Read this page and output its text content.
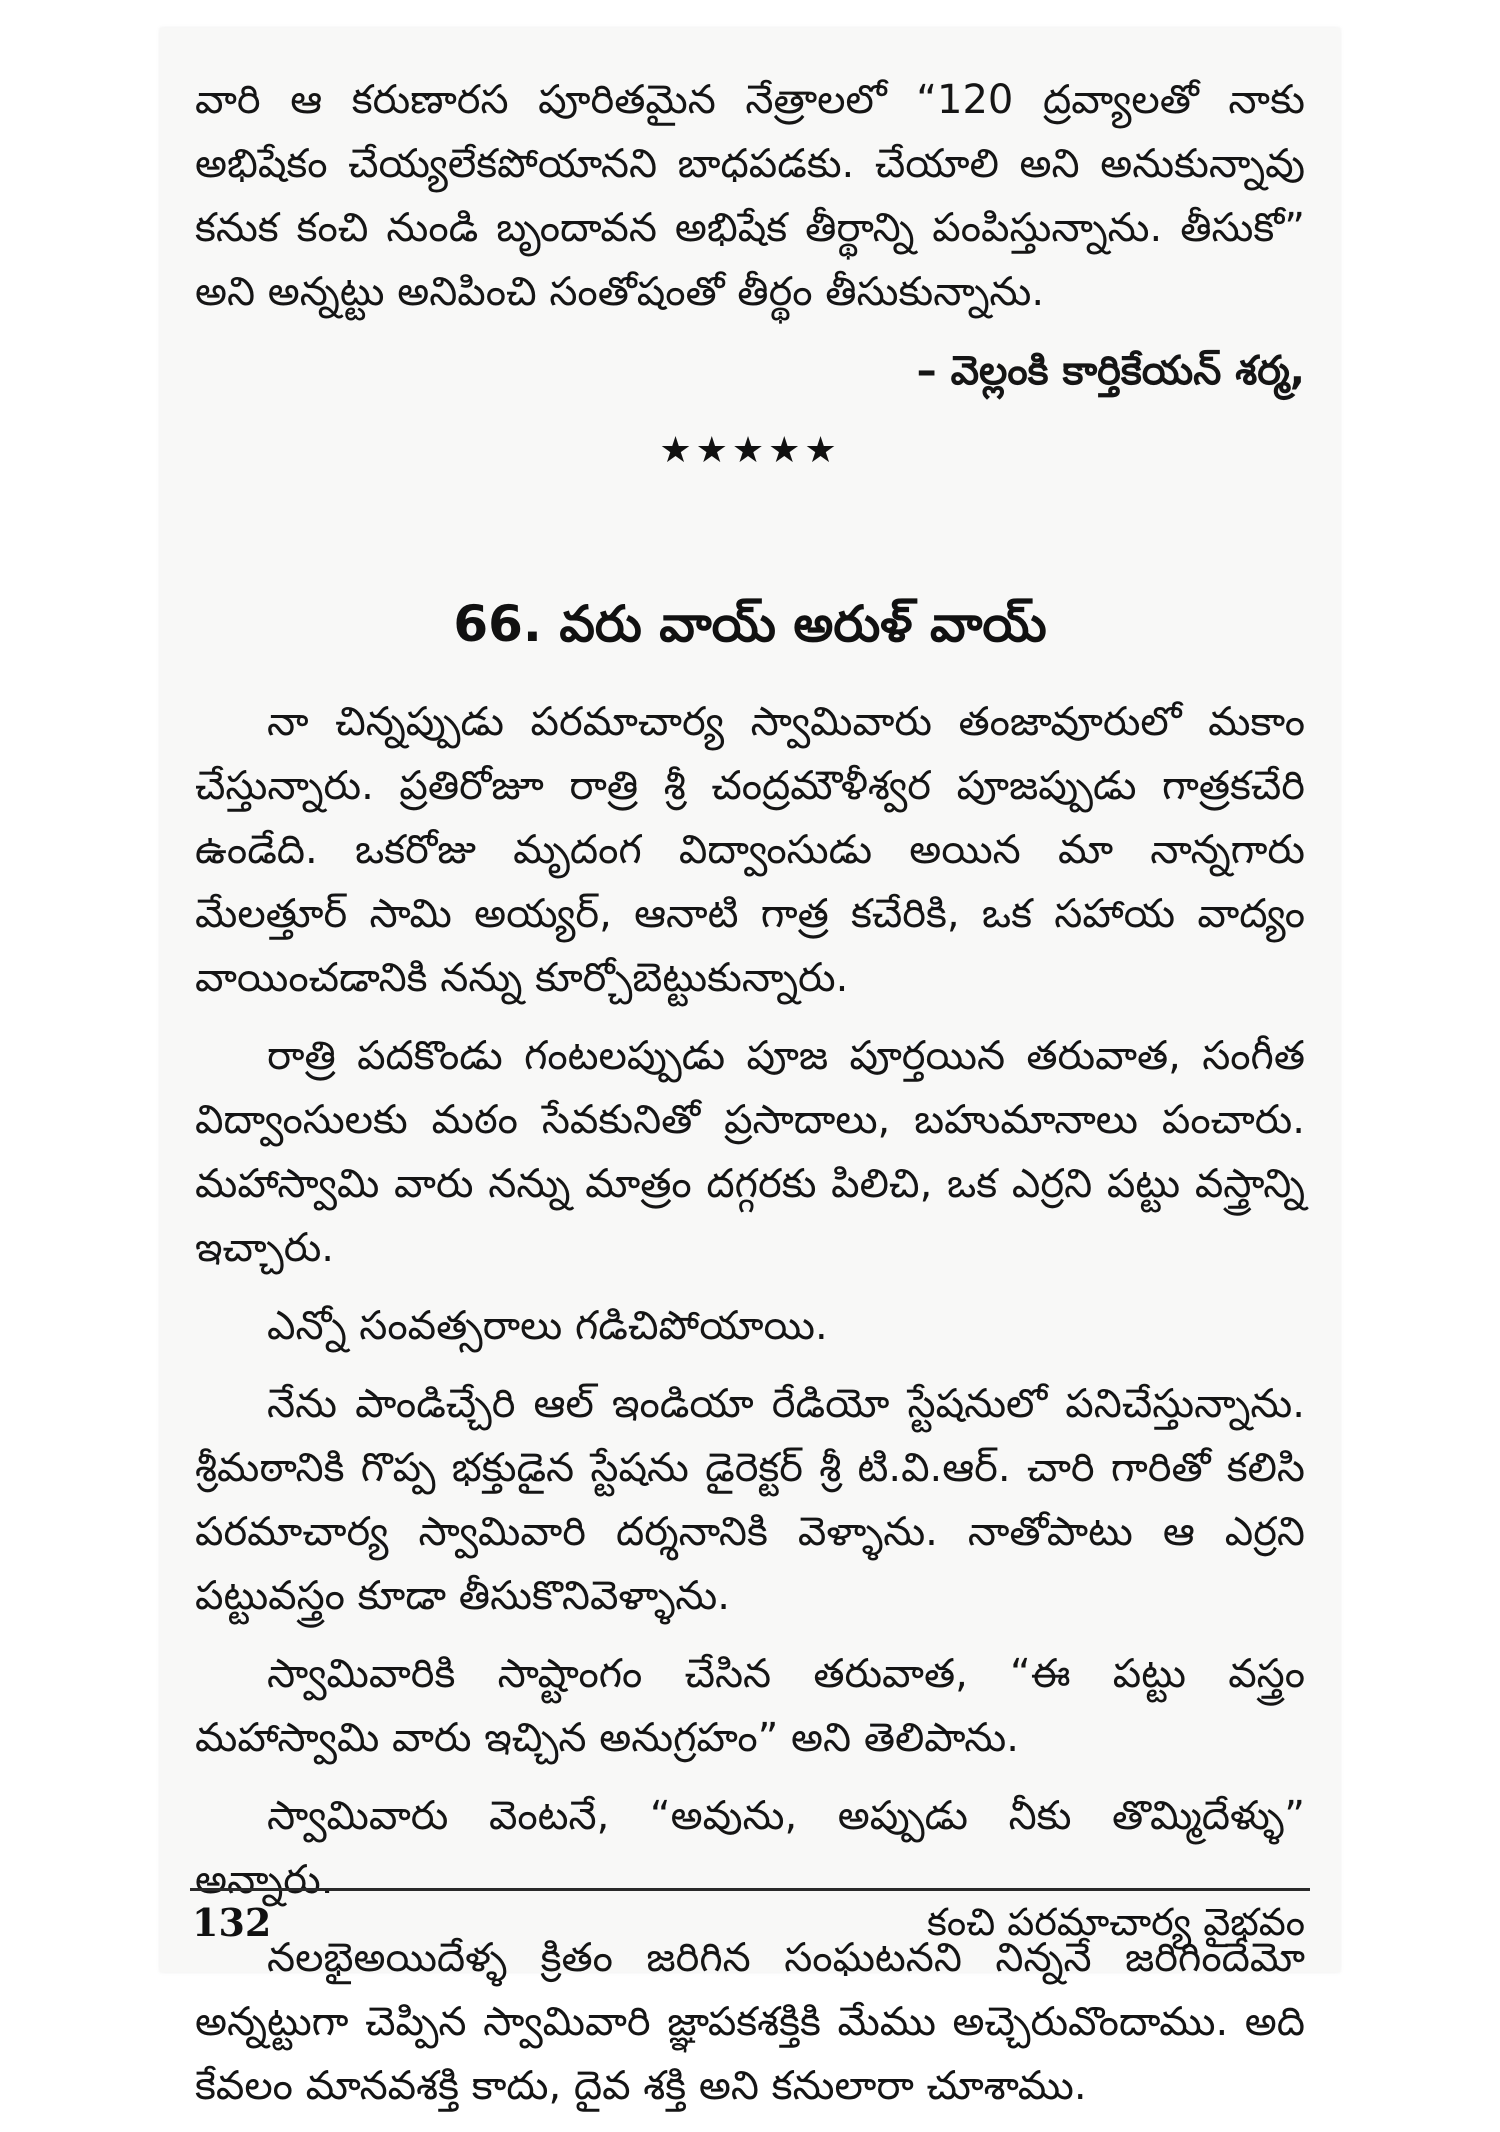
వారి ఆ కరుణారస పూరితమైన నేత్రాలలో “120 ద్రవ్యాలతో నాకు అభిషేకం చేయ్యలేకపోయానని బాధపడకు. చేయాలి అని అనుకున్నావు కనుక కంచి నుండి బృందావన అభిషేక తీర్థాన్ని పంపిస్తున్నాను. తీసుకో” అని అన్నట్టు అనిపించి సంతోషంతో తీర్థం తీసుకున్నాను.
– వెల్లంకి కార్తికేయన్ శర్మ,
★★★★★
66. వరు వాయ్ అరుళ్ వాయ్

నా చిన్నప్పుడు పరమాచార్య స్వామివారు తంజావూరులో మకాం చేస్తున్నారు. ప్రతిరోజూ రాత్రి శ్రీ చంద్రమౌళీశ్వర పూజప్పుడు గాత్రకచేరి ఉండేది. ఒకరోజు మృదంగ విద్వాంసుడు అయిన మా నాన్నగారు మేలత్తూర్ సామి అయ్యర్, ఆనాటి గాత్ర కచేరికి, ఒక సహాయ వాద్యం వాయించడానికి నన్ను కూర్చోబెట్టుకున్నారు.

రాత్రి పదకొండు గంటలప్పుడు పూజ పూర్తయిన తరువాత, సంగీత విద్వాంసులకు మఠం సేవకునితో ప్రసాదాలు, బహుమానాలు పంచారు. మహాస్వామి వారు నన్ను మాత్రం దగ్గరకు పిలిచి, ఒక ఎర్రని పట్టు వస్త్రాన్ని ఇచ్చారు.

ఎన్నో సంవత్సరాలు గడిచిపోయాయి.

నేను పాండిచ్చేరి ఆల్ ఇండియా రేడియో స్టేషనులో పనిచేస్తున్నాను. శ్రీమఠానికి గొప్ప భక్తుడైన స్టేషను డైరెక్టర్ శ్రీ టి.వి.ఆర్. చారి గారితో కలిసి పరమాచార్య స్వామివారి దర్శనానికి వెళ్ళాను. నాతోపాటు ఆ ఎర్రని పట్టువస్త్రం కూడా తీసుకొనివెళ్ళాను.

స్వామివారికి సాష్టాంగం చేసిన తరువాత, “ఈ పట్టు వస్త్రం మహాస్వామి వారు ఇచ్చిన అనుగ్రహం” అని తెలిపాను.

స్వామివారు వెంటనే, “అవును, అప్పుడు నీకు తొమ్మిదేళ్ళు” అన్నారు.

నలభైఅయిదేళ్ళ క్రితం జరిగిన సంఘటనని నిన్ననే జరిగిందేమో అన్నట్టుగా చెప్పిన స్వామివారి జ్ఞాపకశక్తికి మేము అచ్చెరువొందాము. అది కేవలం మానవశక్తి కాదు, దైవ శక్తి అని కనులారా చూశాము.

132	కంచి పరమాచార్య వైభవం
